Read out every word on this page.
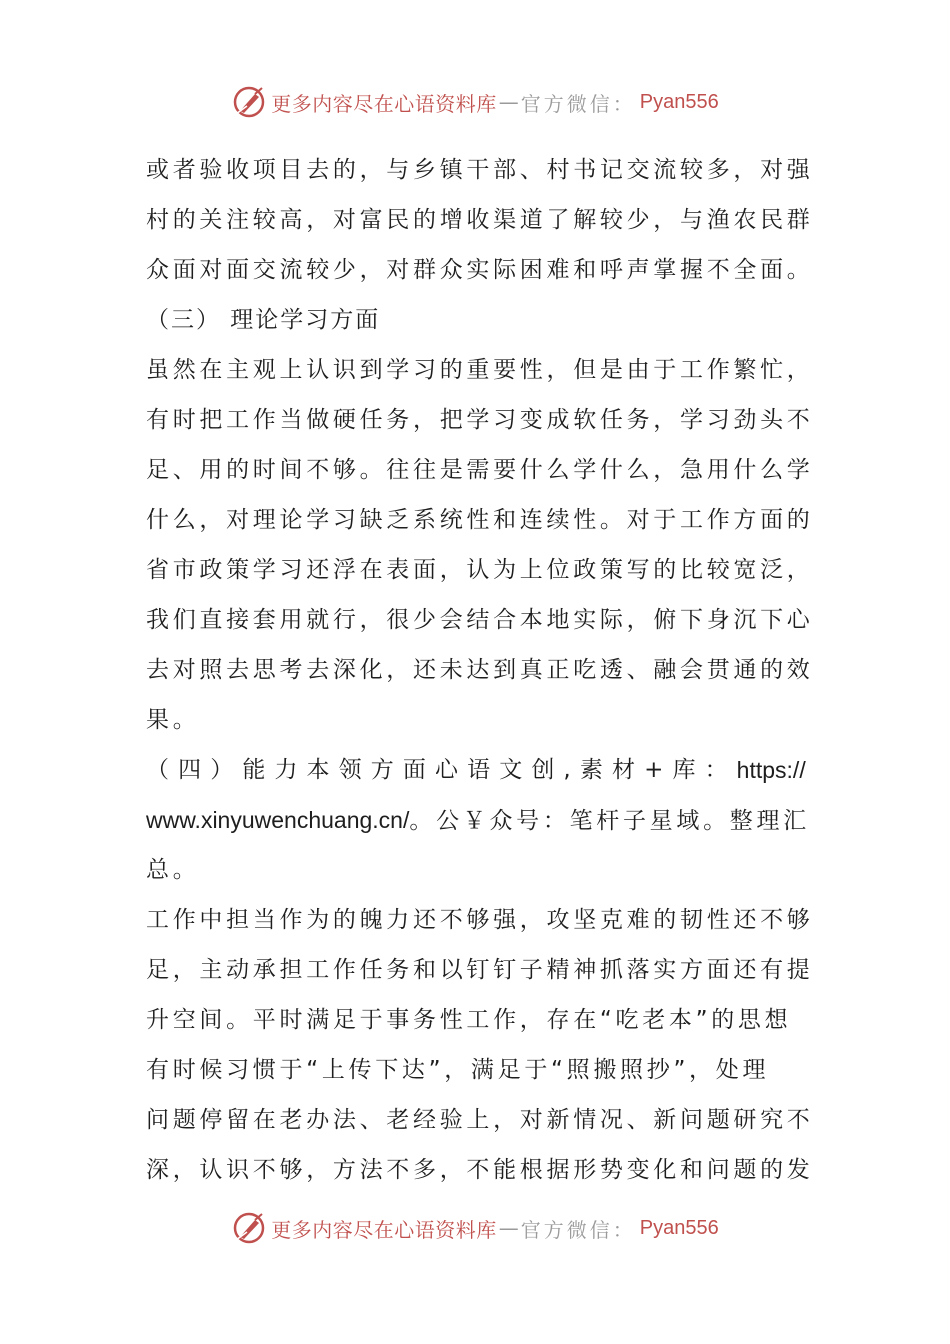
更多内容尽在心语资料库 — 官方微信： Pyan556
或者验收项目去的，与乡镇干部、村书记交流较多，对强
村的关注较高，对富民的增收渠道了解较少，与渔农民群
众面对面交流较少，对群众实际困难和呼声掌握不全面。
（三） 理论学习方面
虽然在主观上认识到学习的重要性，但是由于工作繁忙，
有时把工作当做硬任务，把学习变成软任务，学习劲头不
足、用的时间不够。往往是需要什么学什么，急用什么学
什么，对理论学习缺乏系统性和连续性。对于工作方面的
省市政策学习还浮在表面，认为上位政策写的比较宽泛，
我们直接套用就行，很少会结合本地实际，俯下身沉下心
去对照去思考去深化，还未达到真正吃透、融会贯通的效
果。
（ 四 ） 能 力 本 领 方 面 心 语 文 创 , 素 材 + 库 ： https://
www.xinyuwenchuang.cn/。公￥众号：笔杆子星域。整理汇
总。
工作中担当作为的魄力还不够强，攻坚克难的韧性还不够
足，主动承担工作任务和以钉钉子精神抓落实方面还有提
升空间。平时满足于事务性工作，存在“吃老本”的思想
有时候习惯于“上传下达”，满足于“照搬照抄”，处理
问题停留在老办法、老经验上，对新情况、新问题研究不
深，认识不够，方法不多，不能根据形势变化和问题的发
更多内容尽在心语资料库 — 官方微信： Pyan556
